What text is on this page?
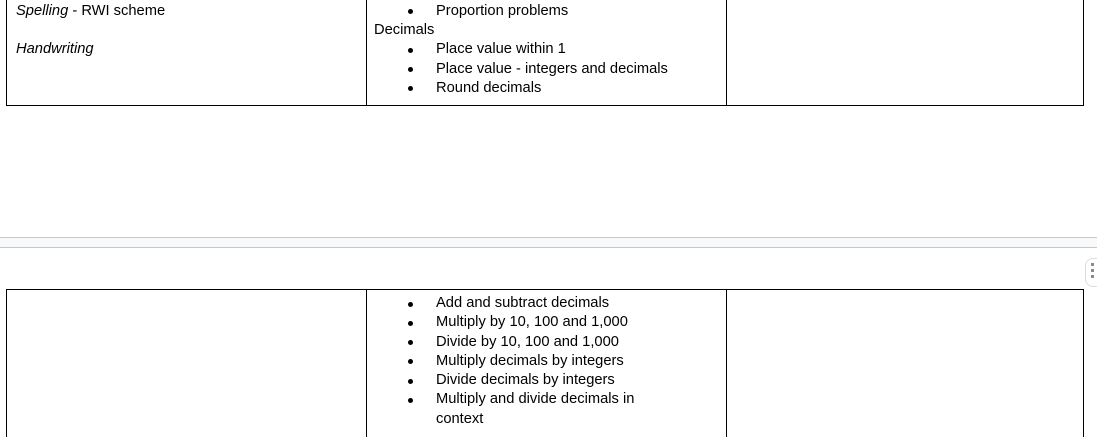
Spelling - RWI scheme
Handwriting
Proportion problems
Decimals
Place value within 1
Place value - integers and decimals
Round decimals
Add and subtract decimals
Multiply by 10, 100 and 1,000
Divide by 10, 100 and 1,000
Multiply decimals by integers
Divide decimals by integers
Multiply and divide decimals in context
